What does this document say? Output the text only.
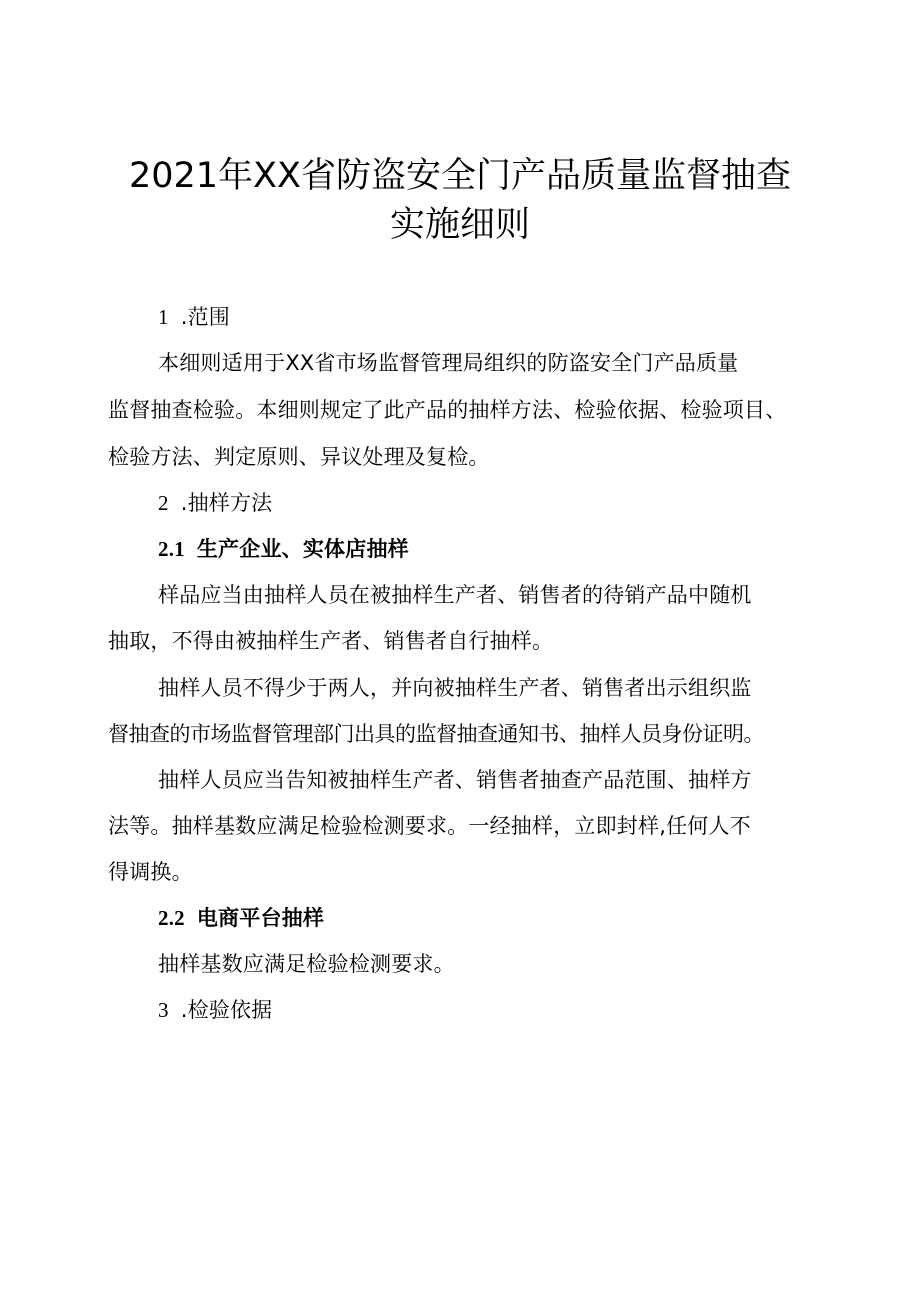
2021年XX省防盗安全门产品质量监督抽查
实施细则
1 .范围
本细则适用于XX省市场监督管理局组织的防盗安全门产品质量
监督抽查检验。本细则规定了此产品的抽样方法、检验依据、检验项目、
检验方法、判定原则、异议处理及复检。
2 .抽样方法
2.1 生产企业、实体店抽样
样品应当由抽样人员在被抽样生产者、销售者的待销产品中随机
抽取，不得由被抽样生产者、销售者自行抽样。
抽样人员不得少于两人，并向被抽样生产者、销售者出示组织监
督抽查的市场监督管理部门出具的监督抽查通知书、抽样人员身份证明。
抽样人员应当告知被抽样生产者、销售者抽查产品范围、抽样方
法等。抽样基数应满足检验检测要求。一经抽样，立即封样,任何人不
得调换。
2.2 电商平台抽样
抽样基数应满足检验检测要求。
3 .检验依据
